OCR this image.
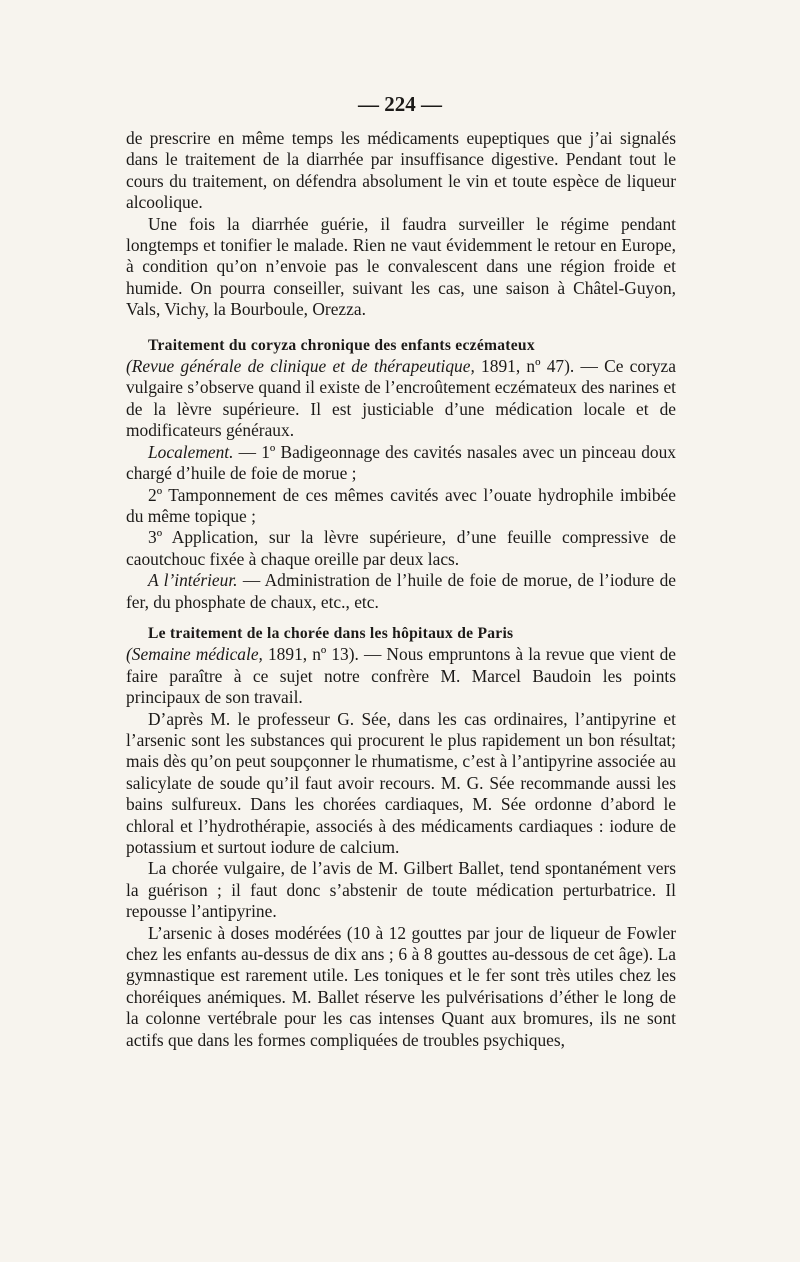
— 224 —

de prescrire en même temps les médicaments eupeptiques que j’ai signalés dans le traitement de la diarrhée par insuffisance digestive. Pendant tout le cours du traitement, on défendra absolument le vin et toute espèce de liqueur alcoolique.

Une fois la diarrhée guérie, il faudra surveiller le régime pendant longtemps et tonifier le malade. Rien ne vaut évidemment le retour en Europe, à condition qu’on n’envoie pas le convalescent dans une région froide et humide. On pourra conseiller, suivant les cas, une saison à Châtel-Guyon, Vals, Vichy, la Bourboule, Orezza.

Traitement du coryza chronique des enfants eczémateux

(Revue générale de clinique et de thérapeutique, 1891, nº 47). — Ce coryza vulgaire s’observe quand il existe de l’encroûtement eczémateux des narines et de la lèvre supérieure. Il est justiciable d’une médication locale et de modificateurs généraux.

Localement. — 1º Badigeonnage des cavités nasales avec un pinceau doux chargé d’huile de foie de morue ;

2º Tamponnement de ces mêmes cavités avec l’ouate hydrophile imbibée du même topique ;

3º Application, sur la lèvre supérieure, d’une feuille compressive de caoutchouc fixée à chaque oreille par deux lacs.

A l’intérieur. — Administration de l’huile de foie de morue, de l’iodure de fer, du phosphate de chaux, etc., etc.

Le traitement de la chorée dans les hôpitaux de Paris

(Semaine médicale, 1891, nº 13). — Nous empruntons à la revue que vient de faire paraître à ce sujet notre confrère M. Marcel Baudoin les points principaux de son travail.

D’après M. le professeur G. Sée, dans les cas ordinaires, l’antipyrine et l’arsenic sont les substances qui procurent le plus rapidement un bon résultat; mais dès qu’on peut soupçonner le rhumatisme, c’est à l’antipyrine associée au salicylate de soude qu’il faut avoir recours. M. G. Sée recommande aussi les bains sulfureux. Dans les chorées cardiaques, M. Sée ordonne d’abord le chloral et l’hydrothérapie, associés à des médicaments cardiaques : iodure de potassium et surtout iodure de calcium.

La chorée vulgaire, de l’avis de M. Gilbert Ballet, tend spontanément vers la guérison ; il faut donc s’abstenir de toute médication perturbatrice. Il repousse l’antipyrine.

L’arsenic à doses modérées (10 à 12 gouttes par jour de liqueur de Fowler chez les enfants au-dessus de dix ans ; 6 à 8 gouttes au-dessous de cet âge). La gymnastique est rarement utile. Les toniques et le fer sont très utiles chez les choréiques anémiques. M. Ballet réserve les pulvérisations d’éther le long de la colonne vertébrale pour les cas intenses Quant aux bromures, ils ne sont actifs que dans les formes compliquées de troubles psychiques,
